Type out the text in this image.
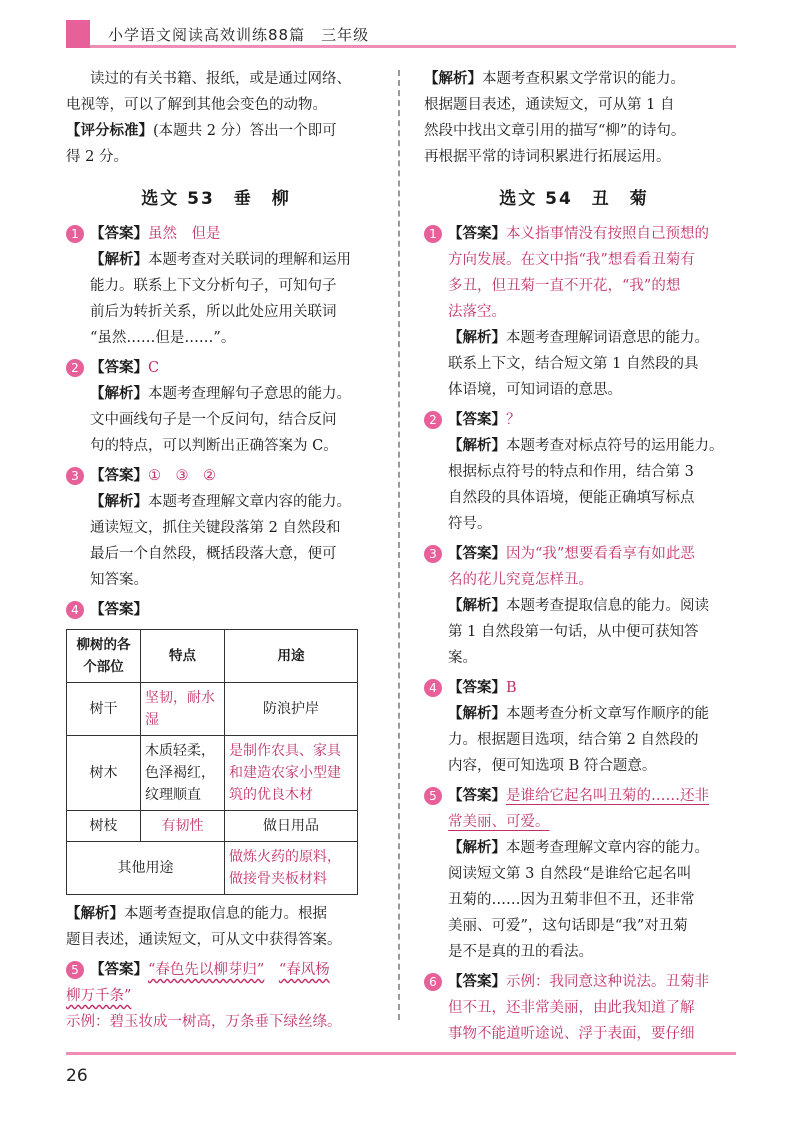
小学语文阅读高效训练88篇　三年级

读过的有关书籍、报纸，或是通过网络、

电视等，可以了解到其他会变色的动物。

【评分标准】(本题共 2 分）答出一个即可

得 2 分。

选文 53　垂　柳
1 【答案】虽然　但是

【解析】本题考查对关联词的理解和运用

能力。联系上下文分析句子，可知句子

前后为转折关系，所以此处应用关联词

“虽然……但是……”。

2 【答案】C

【解析】本题考查理解句子意思的能力。

文中画线句子是一个反问句，结合反问

句的特点，可以判断出正确答案为 C。

3 【答案】①　③　②

【解析】本题考查理解文章内容的能力。

通读短文，抓住关键段落第 2 自然段和

最后一个自然段，概括段落大意，便可

知答案。

4 【答案】

柳树的各个部位	特点	用途
树干	坚韧，耐水湿	防浪护岸
树木	木质轻柔，色泽褐红，纹理顺直	是制作农具、家具和建造农家小型建筑的优良木材
树枝	有韧性	做日用品
其他用途		做炼火药的原料，做接骨夹板材料

【解析】本题考查提取信息的能力。根据

题目表述，通读短文，可从文中获得答案。

5 【答案】“春色先以柳芽归”　 “春风杨

柳万千条”

示例：碧玉妆成一树高，万条垂下绿丝绦。

【解析】本题考查积累文学常识的能力。

根据题目表述，通读短文，可从第 1 自

然段中找出文章引用的描写“柳”的诗句。

再根据平常的诗词积累进行拓展运用。

选文 54　丑　菊
1 【答案】本义指事情没有按照自己预想的

方向发展。在文中指“我”想看看丑菊有

多丑，但丑菊一直不开花，“我”的想

法落空。

【解析】本题考查理解词语意思的能力。

联系上下文，结合短文第 1 自然段的具

体语境，可知词语的意思。

2 【答案】？

【解析】本题考查对标点符号的运用能力。

根据标点符号的特点和作用，结合第 3

自然段的具体语境，便能正确填写标点

符号。

3 【答案】因为“我”想要看看享有如此恶

名的花儿究竟怎样丑。

【解析】本题考查提取信息的能力。阅读

第 1 自然段第一句话，从中便可获知答案。

4 【答案】B

【解析】本题考查分析文章写作顺序的能

力。根据题目选项，结合第 2 自然段的

内容，便可知选项 B 符合题意。

5 【答案】是谁给它起名叫丑菊的……还非

常美丽、可爱。

【解析】本题考查理解文章内容的能力。

阅读短文第 3 自然段“是谁给它起名叫

丑菊的……因为丑菊非但不丑，还非常

美丽、可爱”，这句话即是“我”对丑菊

是不是真的丑的看法。

6 【答案】示例：我同意这种说法。丑菊非

但不丑，还非常美丽，由此我知道了解

事物不能道听途说、浮于表面，要仔细

26
